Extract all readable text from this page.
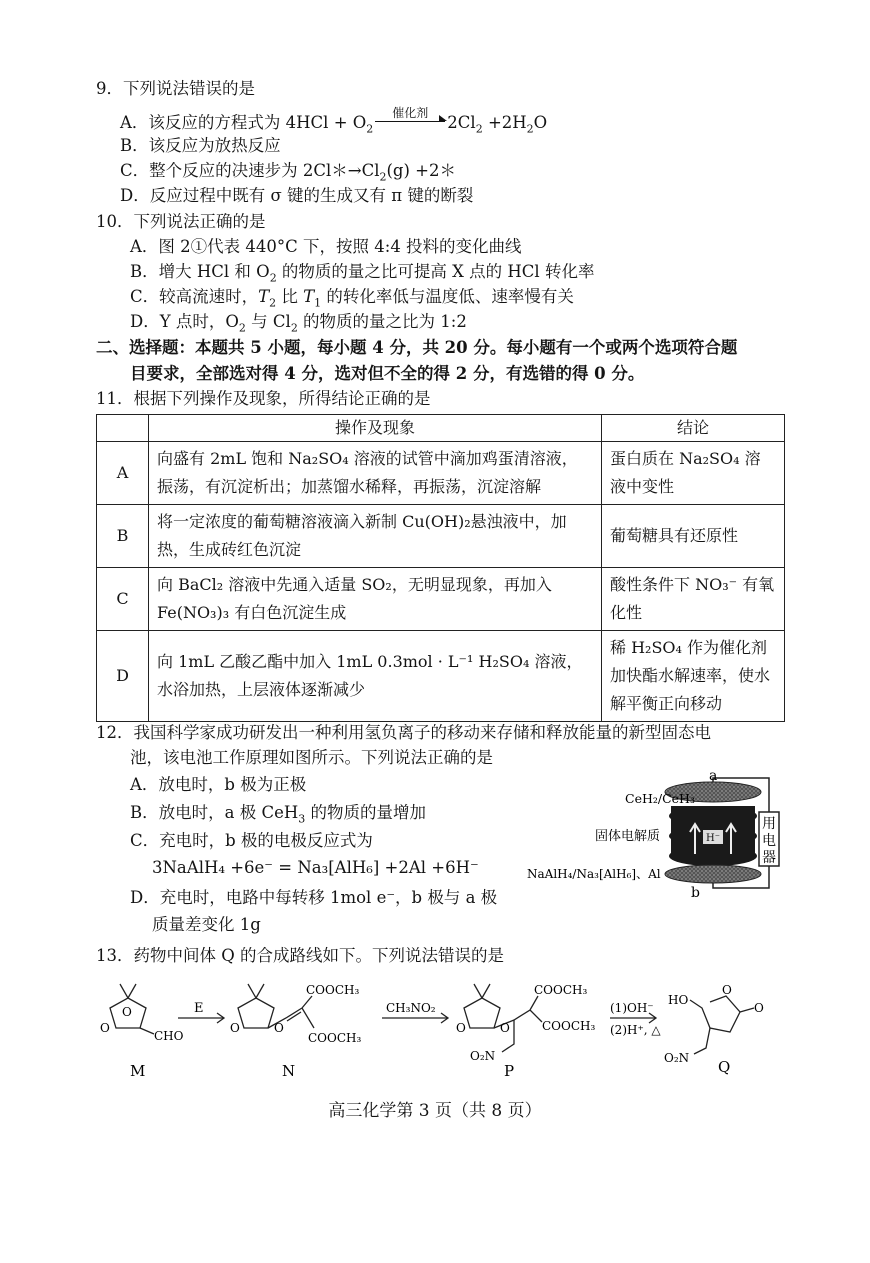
9．下列说法错误的是
A．该反应的方程式为 $4HCl + O_2$
催化剂	$2Cl_2 +2H_2O$
B．该反应为放热反应
C．整个反应的决速步为 $2Cl*\to Cl_2(g)$ +2＊
D．反应过程中既有 σ 键的生成又有 π 键的断裂
10．下列说法正确的是
A．图 2①代表 440°C 下，按照 4:4 投料的变化曲线
B．增大 HCl 和 $O_2$ 的物质的量之比可提高 X 点的 HCl 转化率
C．较高流速时，$T_2$ 比 $T_1$ 的转化率低与温度低、速率慢有关
D．Y 点时，$O_2$ 与 $Cl_2$ 的物质的量之比为 1:2
二、选择题：本题共 5 小题，每小题 4 分，共 20 分。每小题有一个或两个选项符合题
目要求，全部选对得 4 分，选对但不全的得 2 分，有选错的得 0 分。
11．根据下列操作及现象，所得结论正确的是
	操作及现象	结论
A	向盛有 2mL 饱和 Na₂SO₄ 溶液的试管中滴加鸡蛋清溶液，振荡，有沉淀析出；加蒸馏水稀释，再振荡，沉淀溶解	蛋白质在 Na₂SO₄ 溶液中变性
B	将一定浓度的葡萄糖溶液滴入新制 Cu(OH)₂悬浊液中，加热，生成砖红色沉淀	葡萄糖具有还原性
C	向 BaCl₂ 溶液中先通入适量 SO₂，无明显现象，再加入 Fe(NO₃)₃ 有白色沉淀生成	酸性条件下 NO₃⁻ 有氧化性
D	向 1mL 乙酸乙酯中加入 1mL 0.3mol · L⁻¹ H₂SO₄ 溶液，水浴加热，上层液体逐渐减少	稀 H₂SO₄ 作为催化剂加快酯水解速率，使水解平衡正向移动
12．我国科学家成功研发出一种利用氢负离子的移动来存储和释放能量的新型固态电
池，该电池工作原理如图所示。下列说法正确的是
A．放电时，b 极为正极
B．放电时，a 极 CeH$_3$ 的物质的量增加
C．充电时，b 极的电极反应式为
3NaAlH₄ +6e⁻ = Na₃[AlH₆] +2Al +6H⁻
D．充电时，电路中每转移 1mol e⁻，b 极与 a 极
质量差变化 1g
用
电
器
H⁻
a
b
CeH₂/CeH₃
固体电解质
NaAlH₄/Na₃[AlH₆]、Al
13．药物中间体 Q 的合成路线如下。下列说法错误的是
O
O
CHO
M
E
O	O
COOCH₃
COOCH₃
N
CH₃NO₂
O	O
COOCH₃
COOCH₃
O₂N
P
(1)OH⁻
(2)H⁺, △
HO
O
O
O₂N Q
高三化学第 3 页（共 8 页）
